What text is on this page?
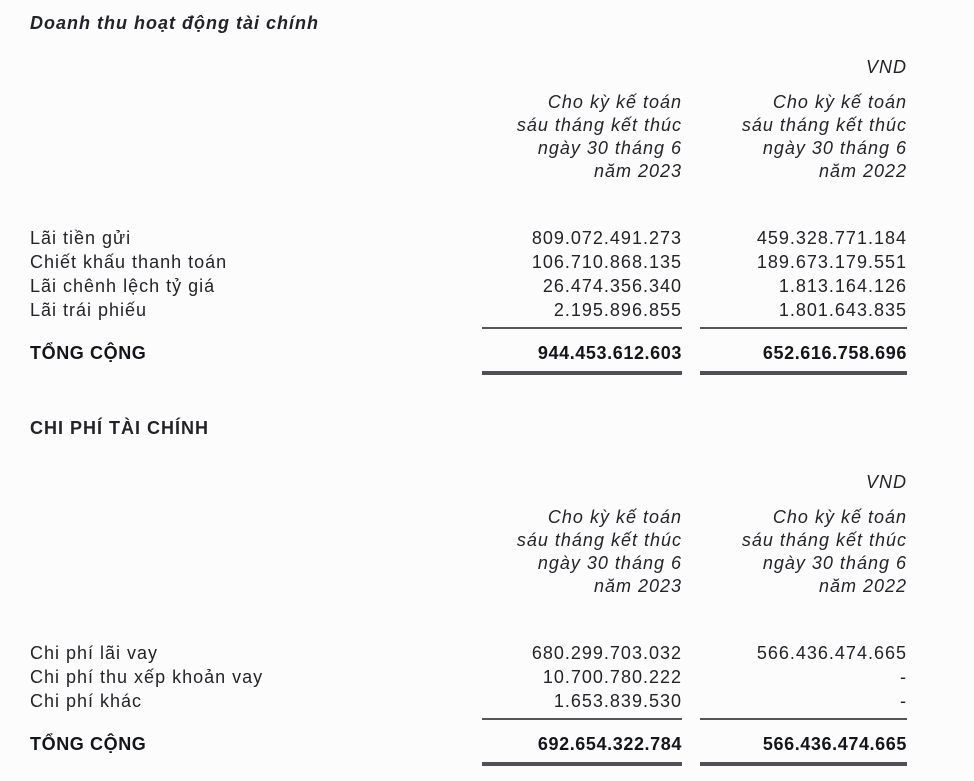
Doanh thu hoạt động tài chính
VND
Cho kỳ kế toán
sáu tháng kết thúc
ngày 30 tháng 6
năm 2023
Cho kỳ kế toán
sáu tháng kết thúc
ngày 30 tháng 6
năm 2022
Lãi tiền gửi	809.072.491.273	459.328.771.184
Chiết khấu thanh toán	106.710.868.135	189.673.179.551
Lãi chênh lệch tỷ giá	26.474.356.340	1.813.164.126
Lãi trái phiếu	2.195.896.855	1.801.643.835
TỔNG CỘNG	944.453.612.603	652.616.758.696
CHI PHÍ TÀI CHÍNH
VND
Cho kỳ kế toán
sáu tháng kết thúc
ngày 30 tháng 6
năm 2023
Cho kỳ kế toán
sáu tháng kết thúc
ngày 30 tháng 6
năm 2022
Chi phí lãi vay	680.299.703.032	566.436.474.665
Chi phí thu xếp khoản vay	10.700.780.222	-
Chi phí khác	1.653.839.530	-
TỔNG CỘNG	692.654.322.784	566.436.474.665
